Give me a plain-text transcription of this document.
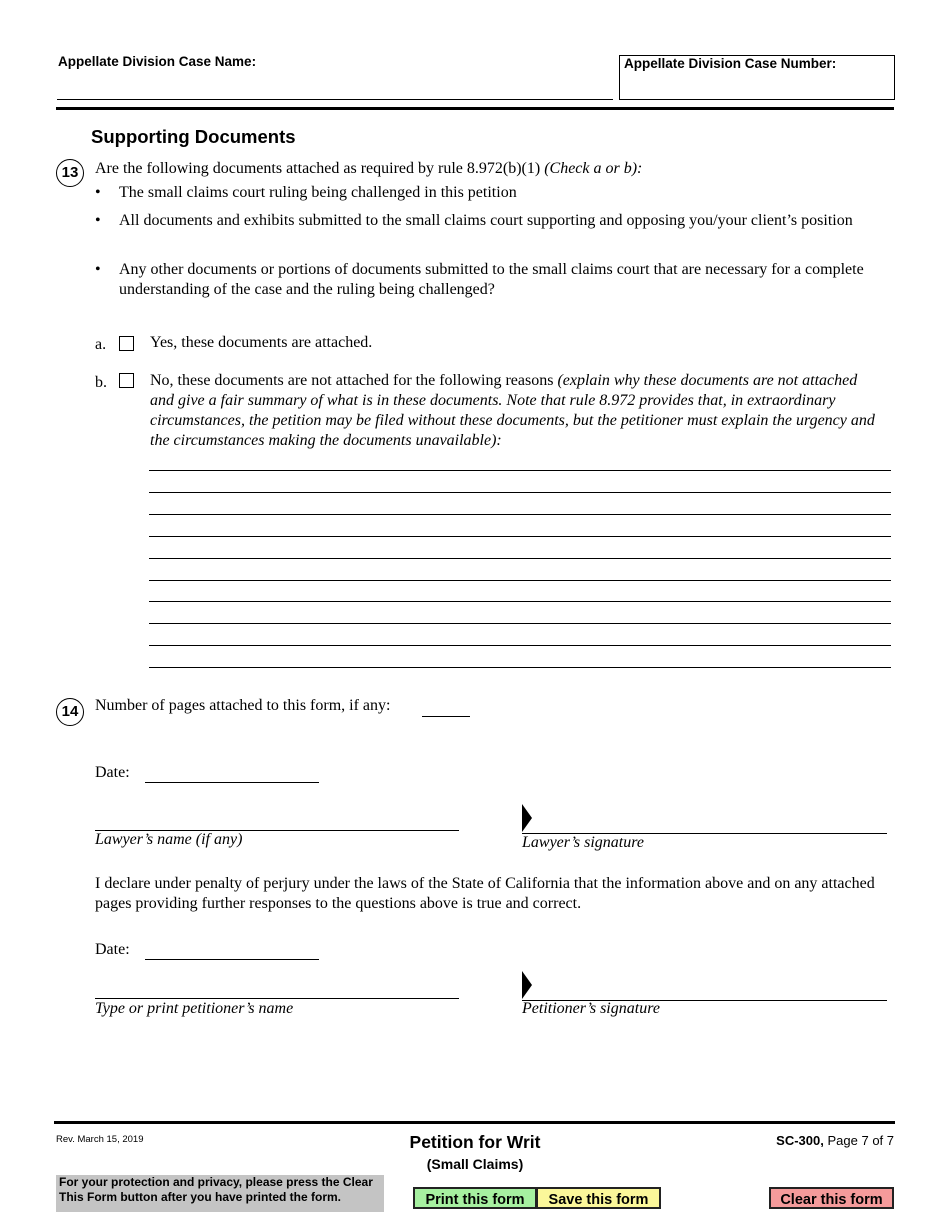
Appellate Division Case Name:	Appellate Division Case Number:
Supporting Documents
13	Are the following documents attached as required by rule 8.972(b)(1) (Check a or b):
• The small claims court ruling being challenged in this petition
• All documents and exhibits submitted to the small claims court supporting and opposing you/your client’s position
• Any other documents or portions of documents submitted to the small claims court that are necessary for a complete understanding of the case and the ruling being challenged?
a.	Yes, these documents are attached.
b.	No, these documents are not attached for the following reasons (explain why these documents are not attached and give a fair summary of what is in these documents. Note that rule 8.972 provides that, in extraordinary circumstances, the petition may be filed without these documents, but the petitioner must explain the urgency and the circumstances making the documents unavailable):
14	Number of pages attached to this form, if any:
Date:
Lawyer’s name (if any)	Lawyer’s signature
I declare under penalty of perjury under the laws of the State of California that the information above and on any attached pages providing further responses to the questions above is true and correct.
Date:
Type or print petitioner’s name	Petitioner’s signature
Rev. March 15, 2019	Petition for Writ
(Small Claims)
SC-300, Page 7 of 7
For your protection and privacy, please press the Clear This Form button after you have printed the form.	Print this form	Save this form	Clear this form
